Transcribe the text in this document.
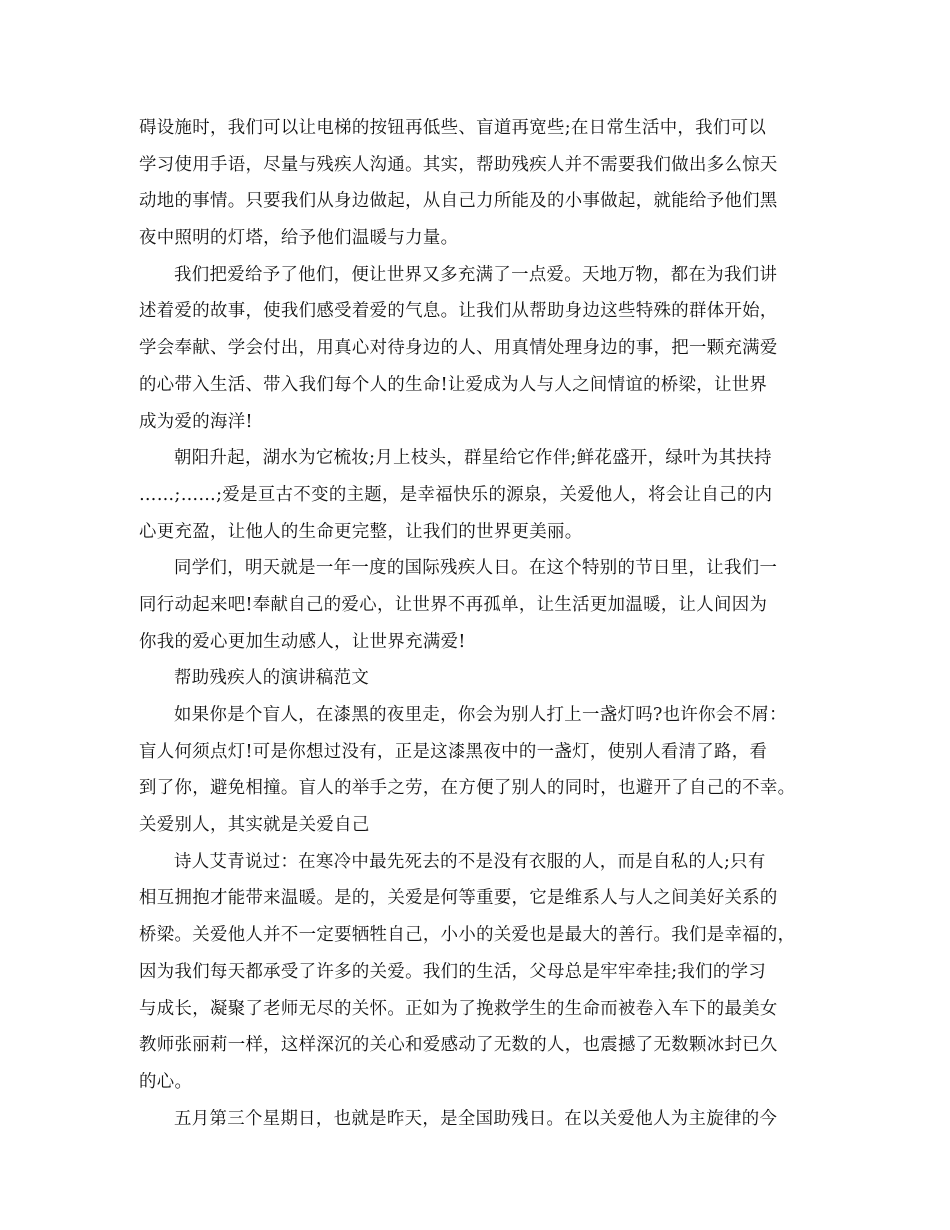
碍设施时，我们可以让电梯的按钮再低些、盲道再宽些;在日常生活中，我们可以
学习使用手语，尽量与残疾人沟通。其实，帮助残疾人并不需要我们做出多么惊天
动地的事情。只要我们从身边做起，从自己力所能及的小事做起，就能给予他们黑
夜中照明的灯塔，给予他们温暖与力量。
我们把爱给予了他们，便让世界又多充满了一点爱。天地万物，都在为我们讲
述着爱的故事，使我们感受着爱的气息。让我们从帮助身边这些特殊的群体开始，
学会奉献、学会付出，用真心对待身边的人、用真情处理身边的事，把一颗充满爱
的心带入生活、带入我们每个人的生命!让爱成为人与人之间情谊的桥梁，让世界
成为爱的海洋!
朝阳升起，湖水为它梳妆;月上枝头，群星给它作伴;鲜花盛开，绿叶为其扶持
……;……;爱是亘古不变的主题，是幸福快乐的源泉，关爱他人，将会让自己的内
心更充盈，让他人的生命更完整，让我们的世界更美丽。
同学们，明天就是一年一度的国际残疾人日。在这个特别的节日里，让我们一
同行动起来吧!奉献自己的爱心，让世界不再孤单，让生活更加温暖，让人间因为
你我的爱心更加生动感人，让世界充满爱!
帮助残疾人的演讲稿范文
如果你是个盲人，在漆黑的夜里走，你会为别人打上一盏灯吗?也许你会不屑：
盲人何须点灯!可是你想过没有，正是这漆黑夜中的一盏灯，使别人看清了路，看
到了你，避免相撞。盲人的举手之劳，在方便了别人的同时，也避开了自己的不幸。
关爱别人，其实就是关爱自己
诗人艾青说过：在寒冷中最先死去的不是没有衣服的人，而是自私的人;只有
相互拥抱才能带来温暖。是的，关爱是何等重要，它是维系人与人之间美好关系的
桥梁。关爱他人并不一定要牺牲自己，小小的关爱也是最大的善行。我们是幸福的，
因为我们每天都承受了许多的关爱。我们的生活，父母总是牢牢牵挂;我们的学习
与成长，凝聚了老师无尽的关怀。正如为了挽救学生的生命而被卷入车下的最美女
教师张丽莉一样，这样深沉的关心和爱感动了无数的人，也震撼了无数颗冰封已久
的心。
五月第三个星期日，也就是昨天，是全国助残日。在以关爱他人为主旋律的今
